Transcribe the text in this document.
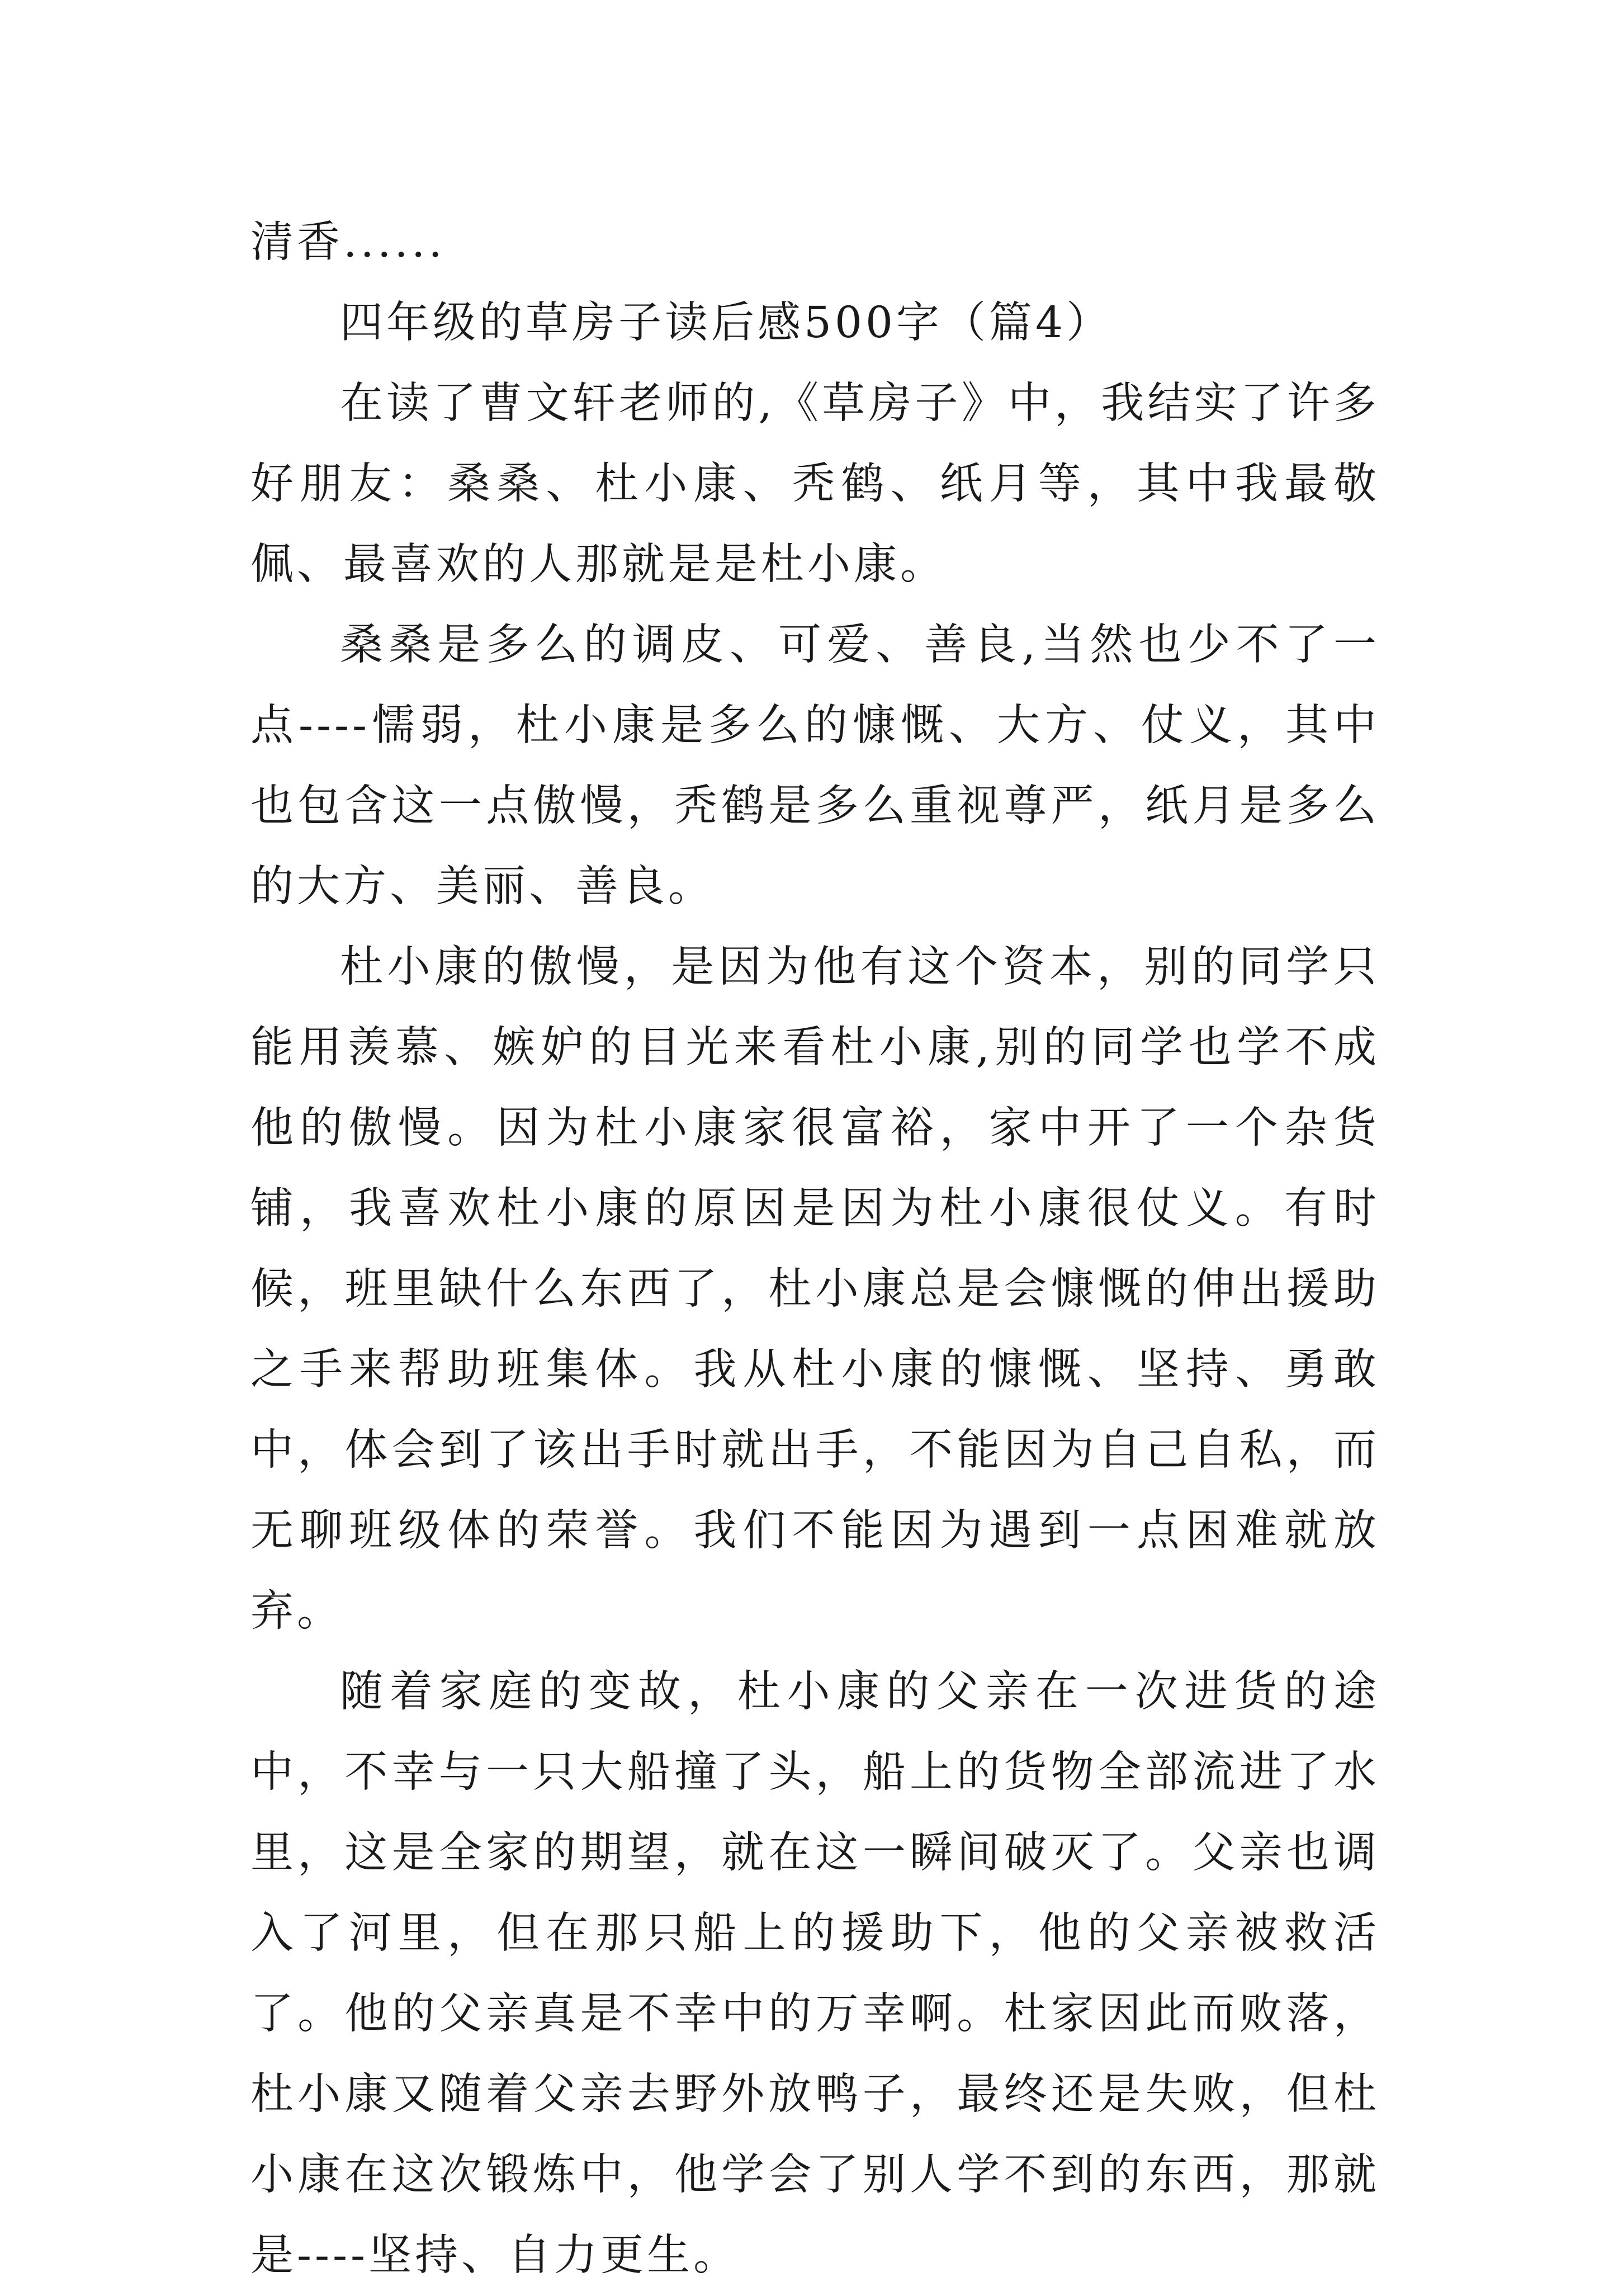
清香......

四年级的草房子读后感500字（篇4）

在读了曹文轩老师的,《草房子》中，我结实了许多好朋友：桑桑、杜小康、秃鹤、纸月等，其中我最敬佩、最喜欢的人那就是是杜小康。

桑桑是多么的调皮、可爱、善良,当然也少不了一点----懦弱，杜小康是多么的慷慨、大方、仗义，其中也包含这一点傲慢，秃鹤是多么重视尊严，纸月是多么的大方、美丽、善良。

杜小康的傲慢，是因为他有这个资本，别的同学只能用羡慕、嫉妒的目光来看杜小康,别的同学也学不成他的傲慢。因为杜小康家很富裕，家中开了一个杂货铺，我喜欢杜小康的原因是因为杜小康很仗义。有时候，班里缺什么东西了，杜小康总是会慷慨的伸出援助之手来帮助班集体。我从杜小康的慷慨、坚持、勇敢中，体会到了该出手时就出手，不能因为自己自私，而无聊班级体的荣誉。我们不能因为遇到一点困难就放弃。

随着家庭的变故，杜小康的父亲在一次进货的途中，不幸与一只大船撞了头，船上的货物全部流进了水里，这是全家的期望，就在这一瞬间破灭了。父亲也调入了河里，但在那只船上的援助下，他的父亲被救活了。他的父亲真是不幸中的万幸啊。杜家因此而败落，杜小康又随着父亲去野外放鸭子，最终还是失败，但杜小康在这次锻炼中，他学会了别人学不到的东西，那就是----坚持、自力更生。
